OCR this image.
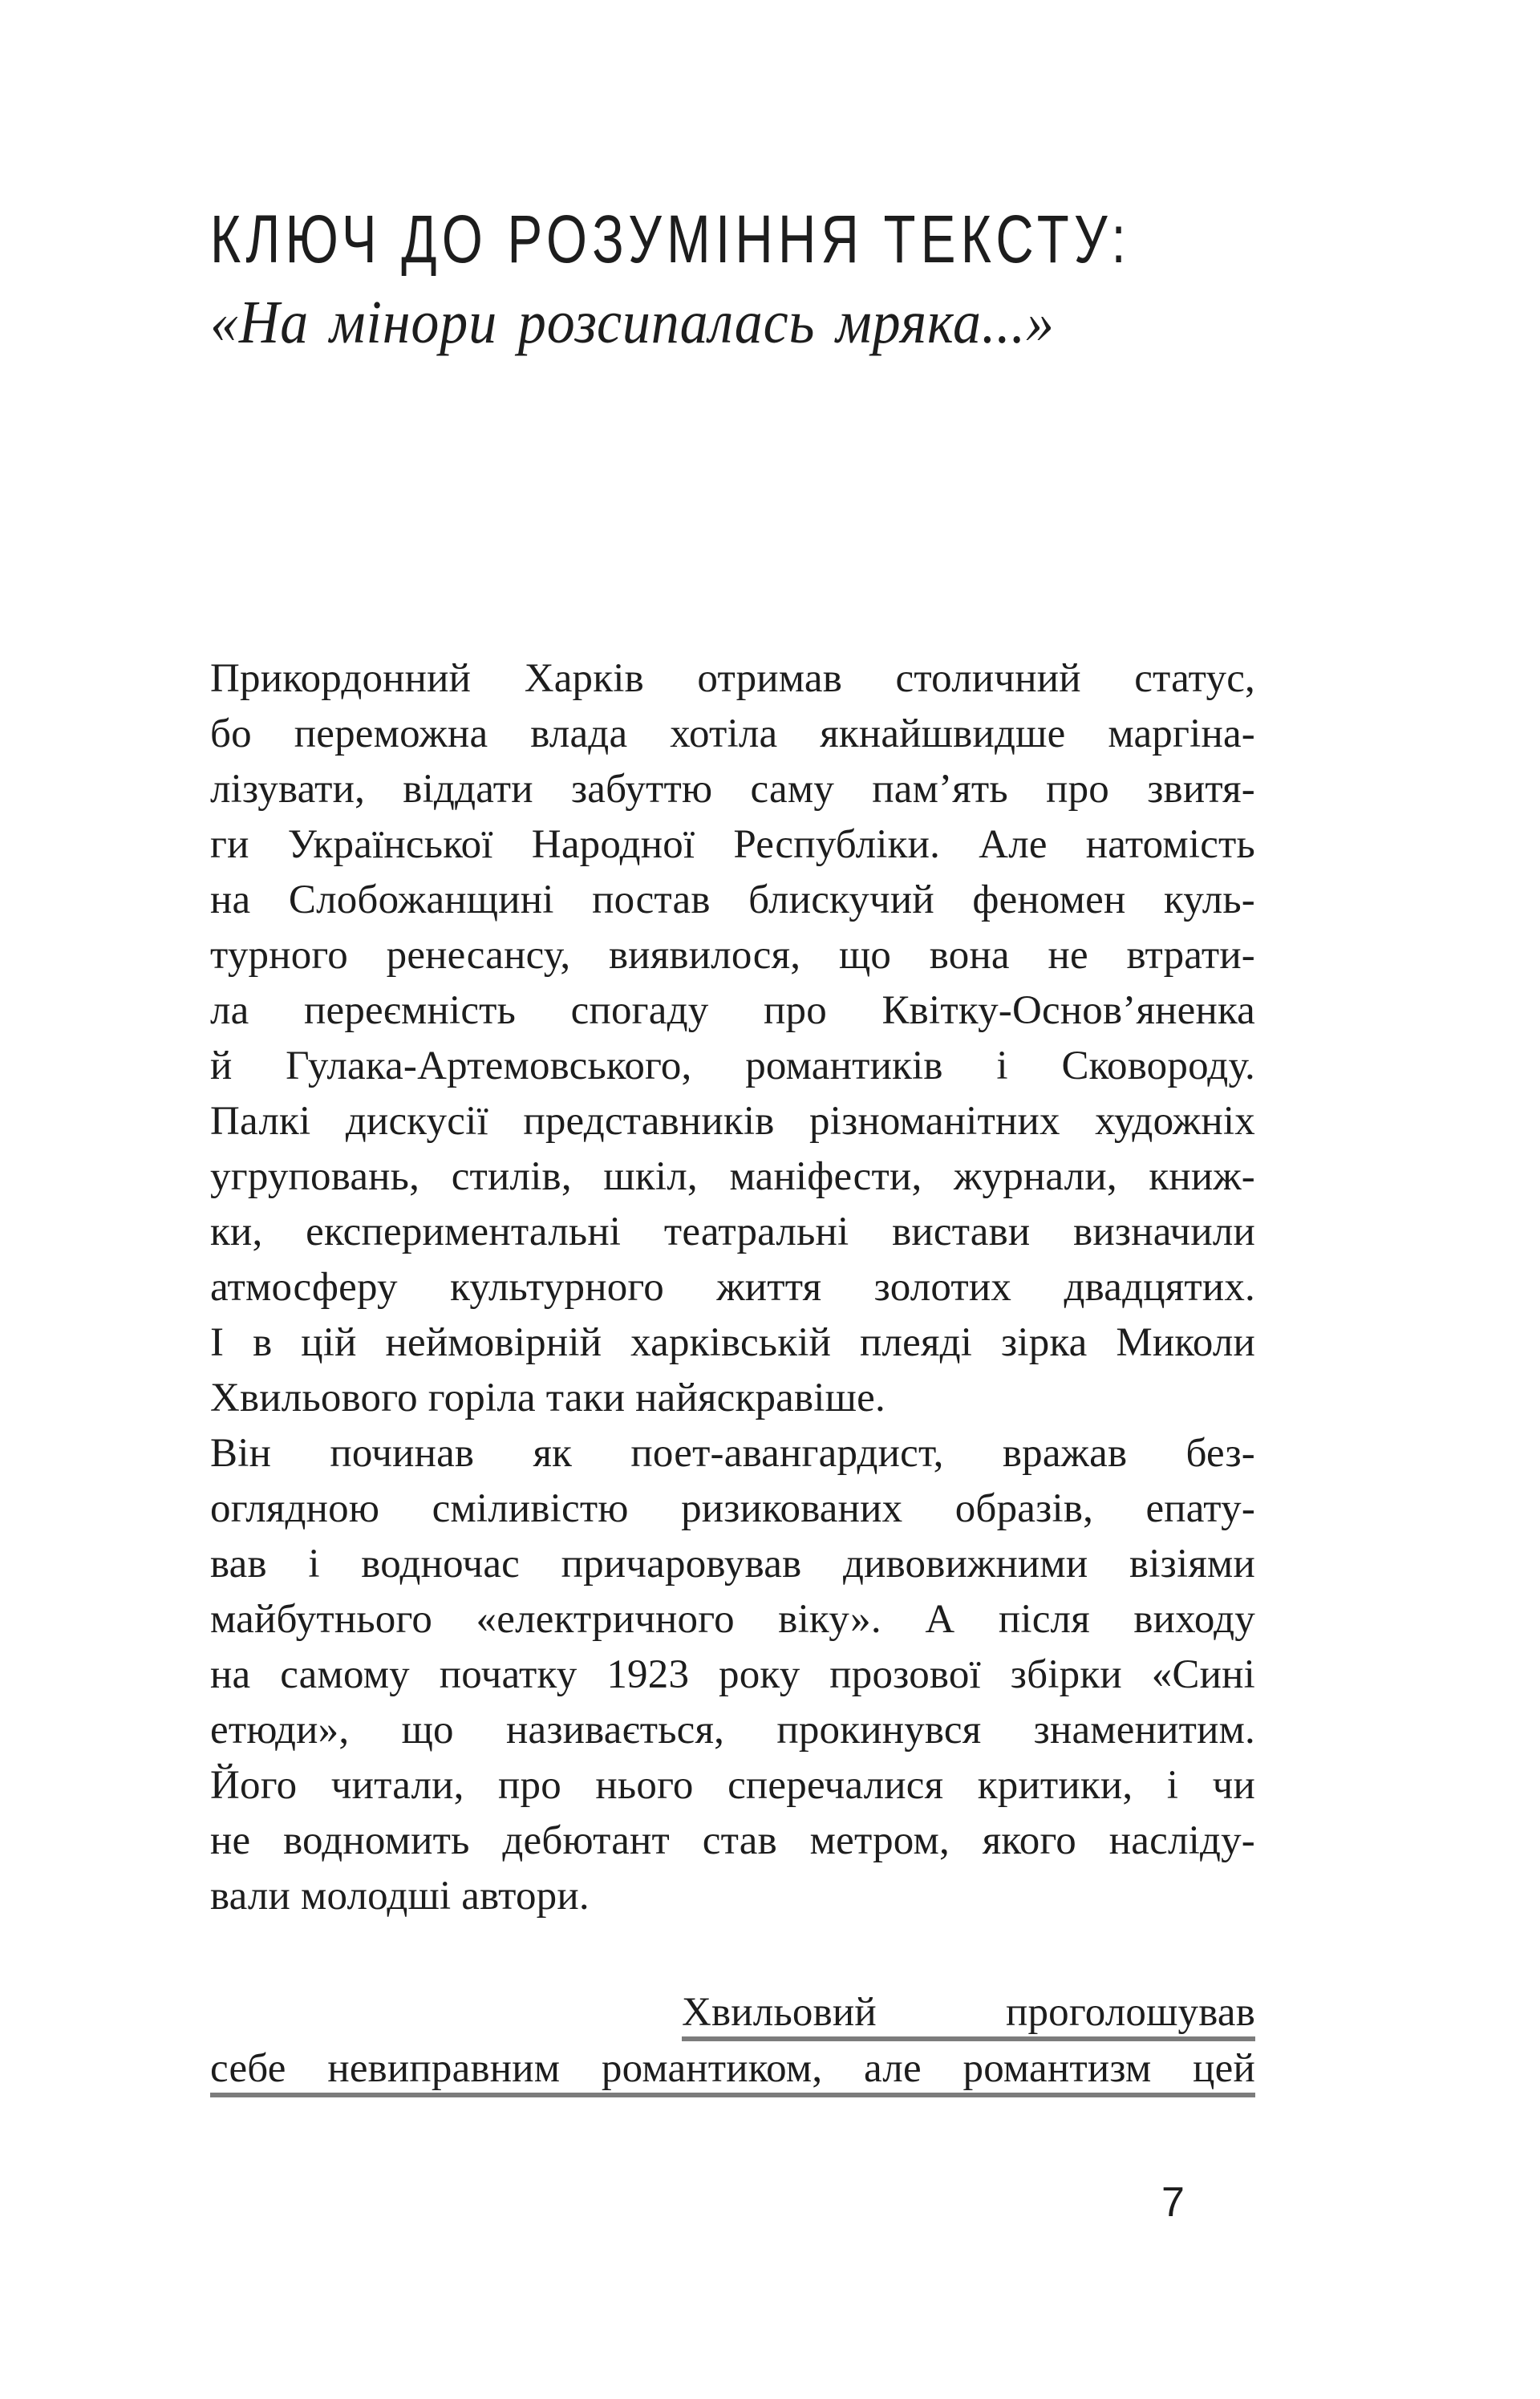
КЛЮЧ ДО РОЗУМІННЯ ТЕКСТУ:
«На мінори розсипалась мряка...»
Прикордонний Харків отримав столичний статус,
бо переможна влада хотіла якнайшвидше маргіна-
лізувати, віддати забуттю саму пам’ять про звитя-
ги Української Народної Республіки. Але натомість
на Слобожанщині постав блискучий феномен куль-
турного ренесансу, виявилося, що вона не втрати-
ла переємність спогаду про Квітку-Основ’яненка
й Гулака-Артемовського, романтиків і Сковороду.
Палкі дискусії представників різноманітних художніх
угруповань, стилів, шкіл, маніфести, журнали, книж-
ки, експериментальні театральні вистави визначили
атмосферу культурного життя золотих двадцятих.
І в цій неймовірній харківській плеяді зірка Миколи
Хвильового горіла таки найяскравіше.
Він починав як поет-авангардист, вражав без-
оглядною сміливістю ризикованих образів, епату-
вав і водночас причаровував дивовижними візіями
майбутнього «електричного віку». А після виходу
на самому початку 1923 року прозової збірки «Сині
етюди», що називається, прокинувся знаменитим.
Його читали, про нього сперечалися критики, і чи
не водномить дебютант став метром, якого насліду-
вали молодші автори.
Хвильовий проголошував
себе невиправним романтиком, але романтизм цей
7
